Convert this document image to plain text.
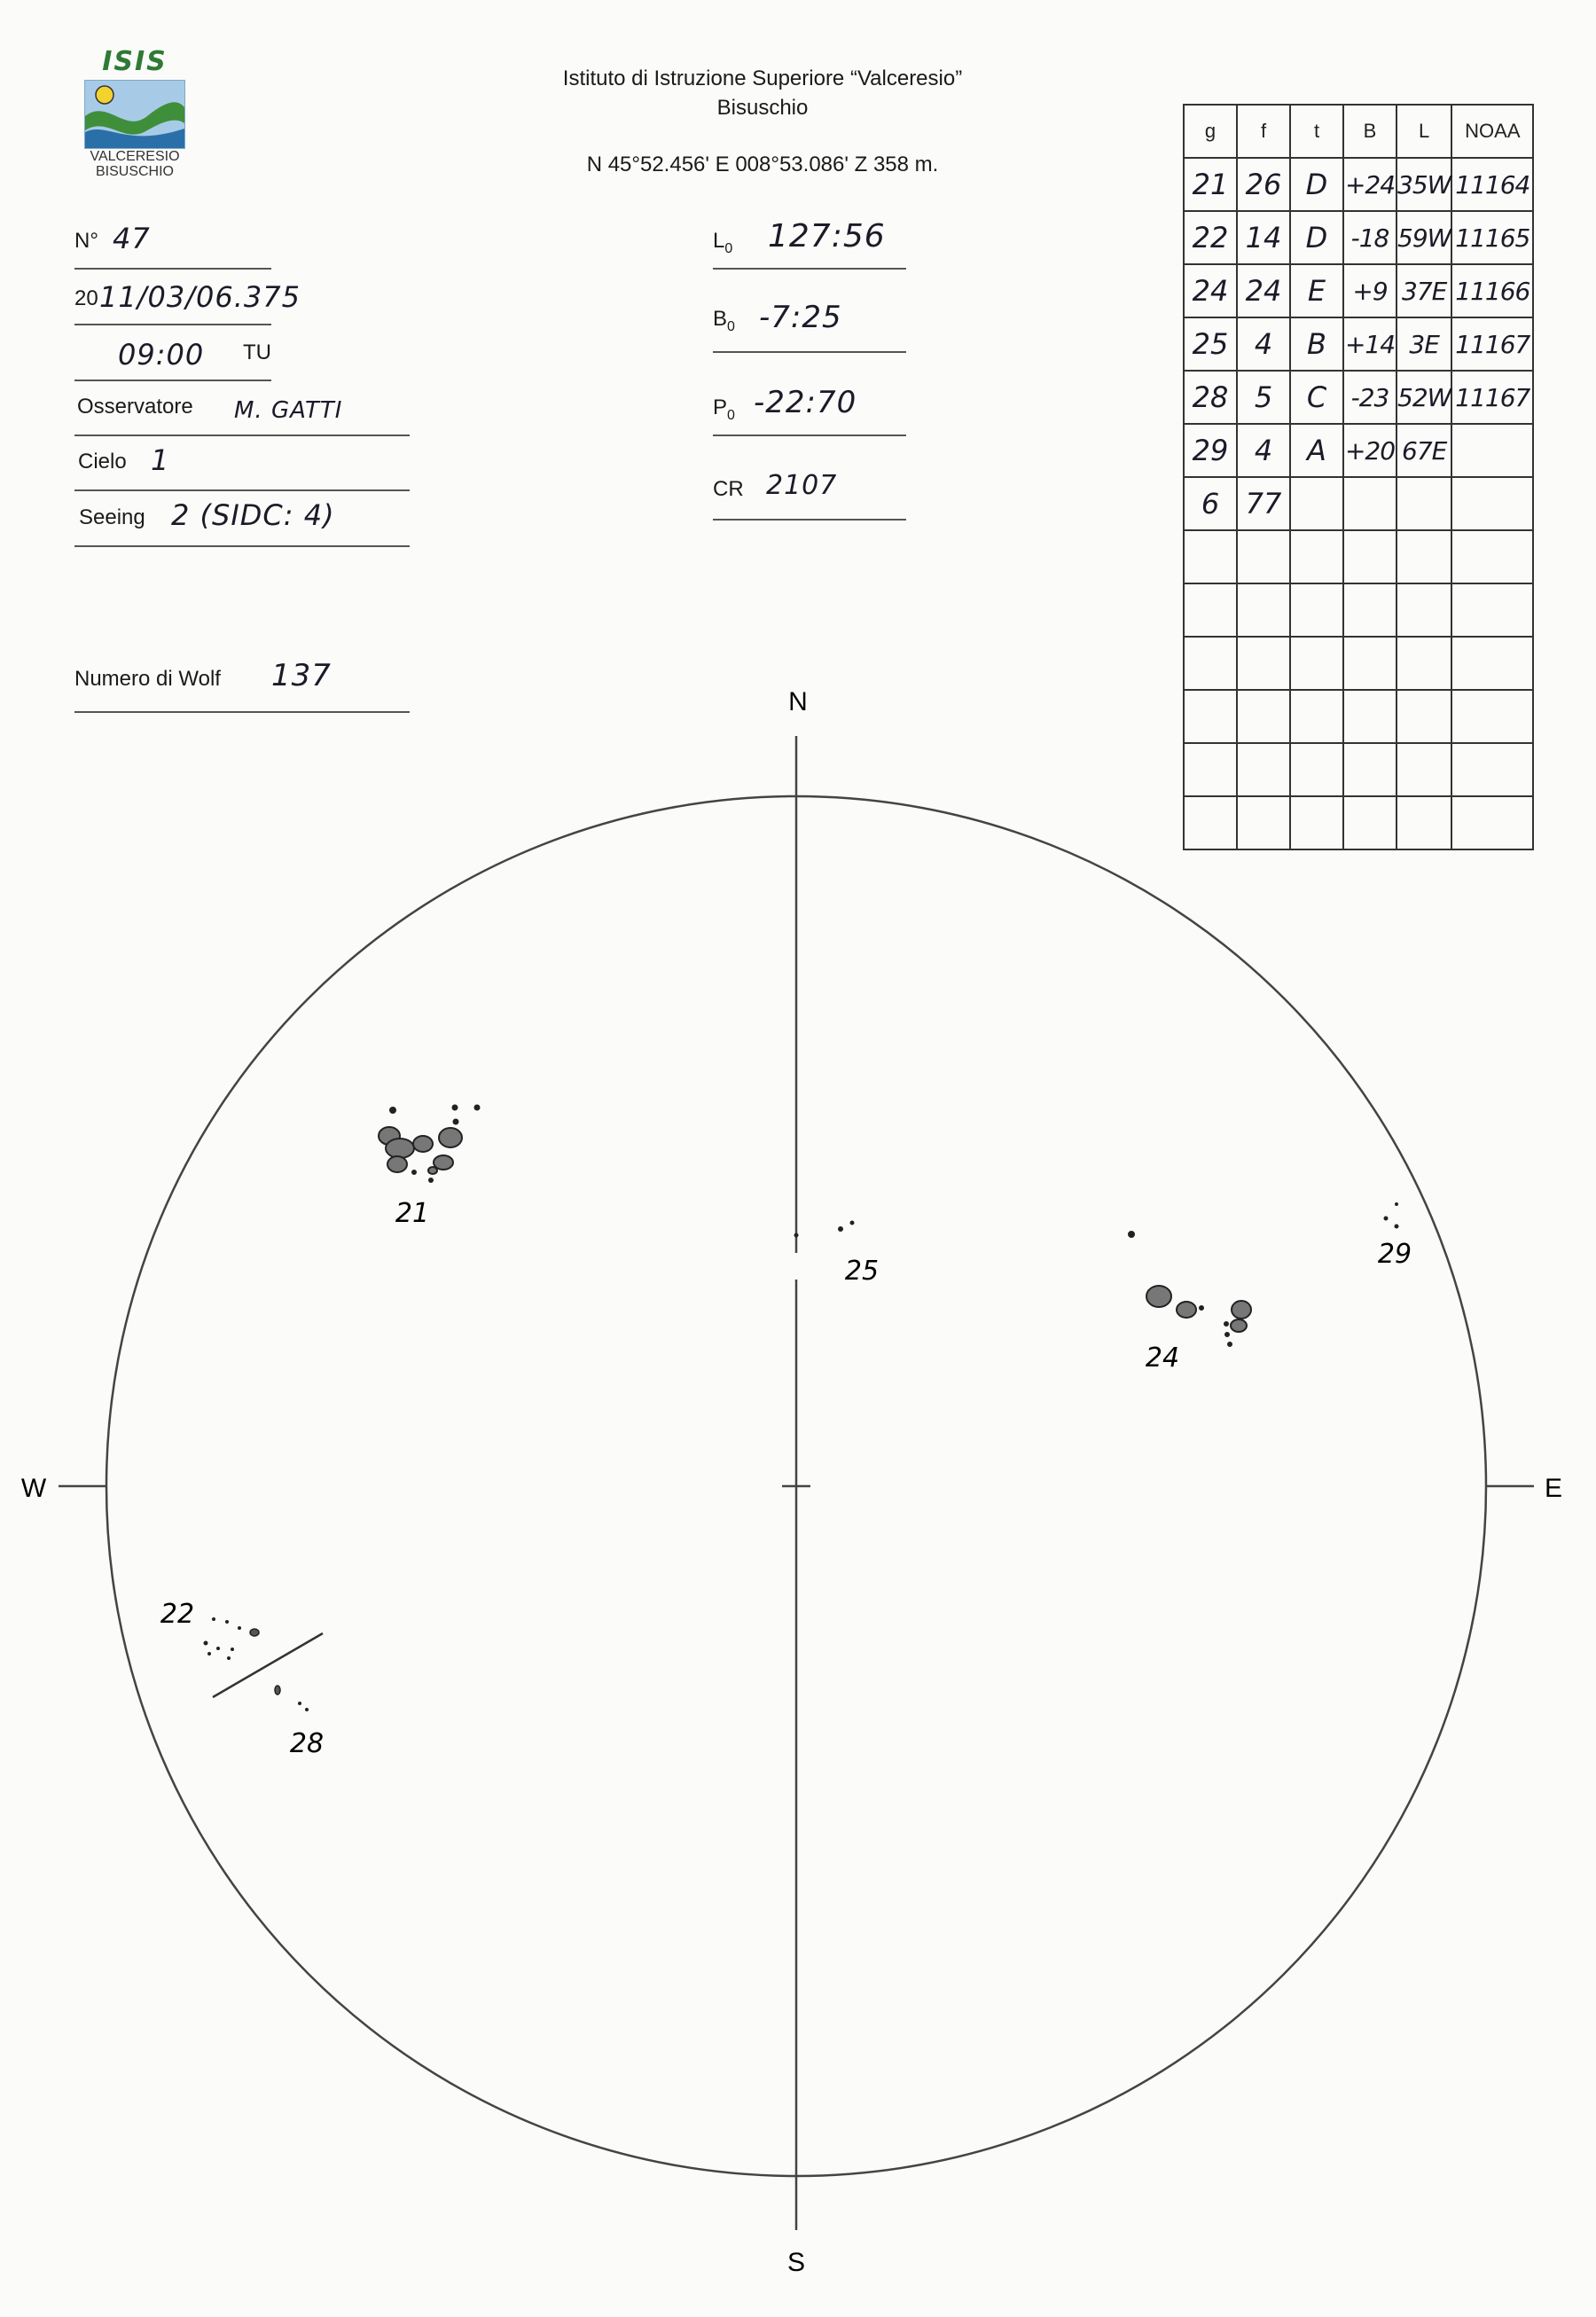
ISIS
VALCERESIO
BISUSCHIO
Istituto di Istruzione Superiore “Valceresio”
Bisuschio
N 45°52.456' E 008°53.086' Z 358 m.
N° 47
20 11/03/06.375
09:00 TU
Osservatore M. GATTI
Cielo 1
Seeing 2 (SIDC: 4)
Numero di Wolf 137
$L_0$ 127:56
$B_0$ -7:25
$P_0$ -22:70
CR 2107
g	f	t	B	L	NOAA
21	26	D	+24	35W	11164
22	14	D	-18	59W	11165
24	24	E	+9	37E	11166
25	4	B	+14	3E	11167
28	5	C	-23	52W	11167
29	4	A	+20	67E	
6	77				

N
S
W	E
21
25
24
29
22
28
